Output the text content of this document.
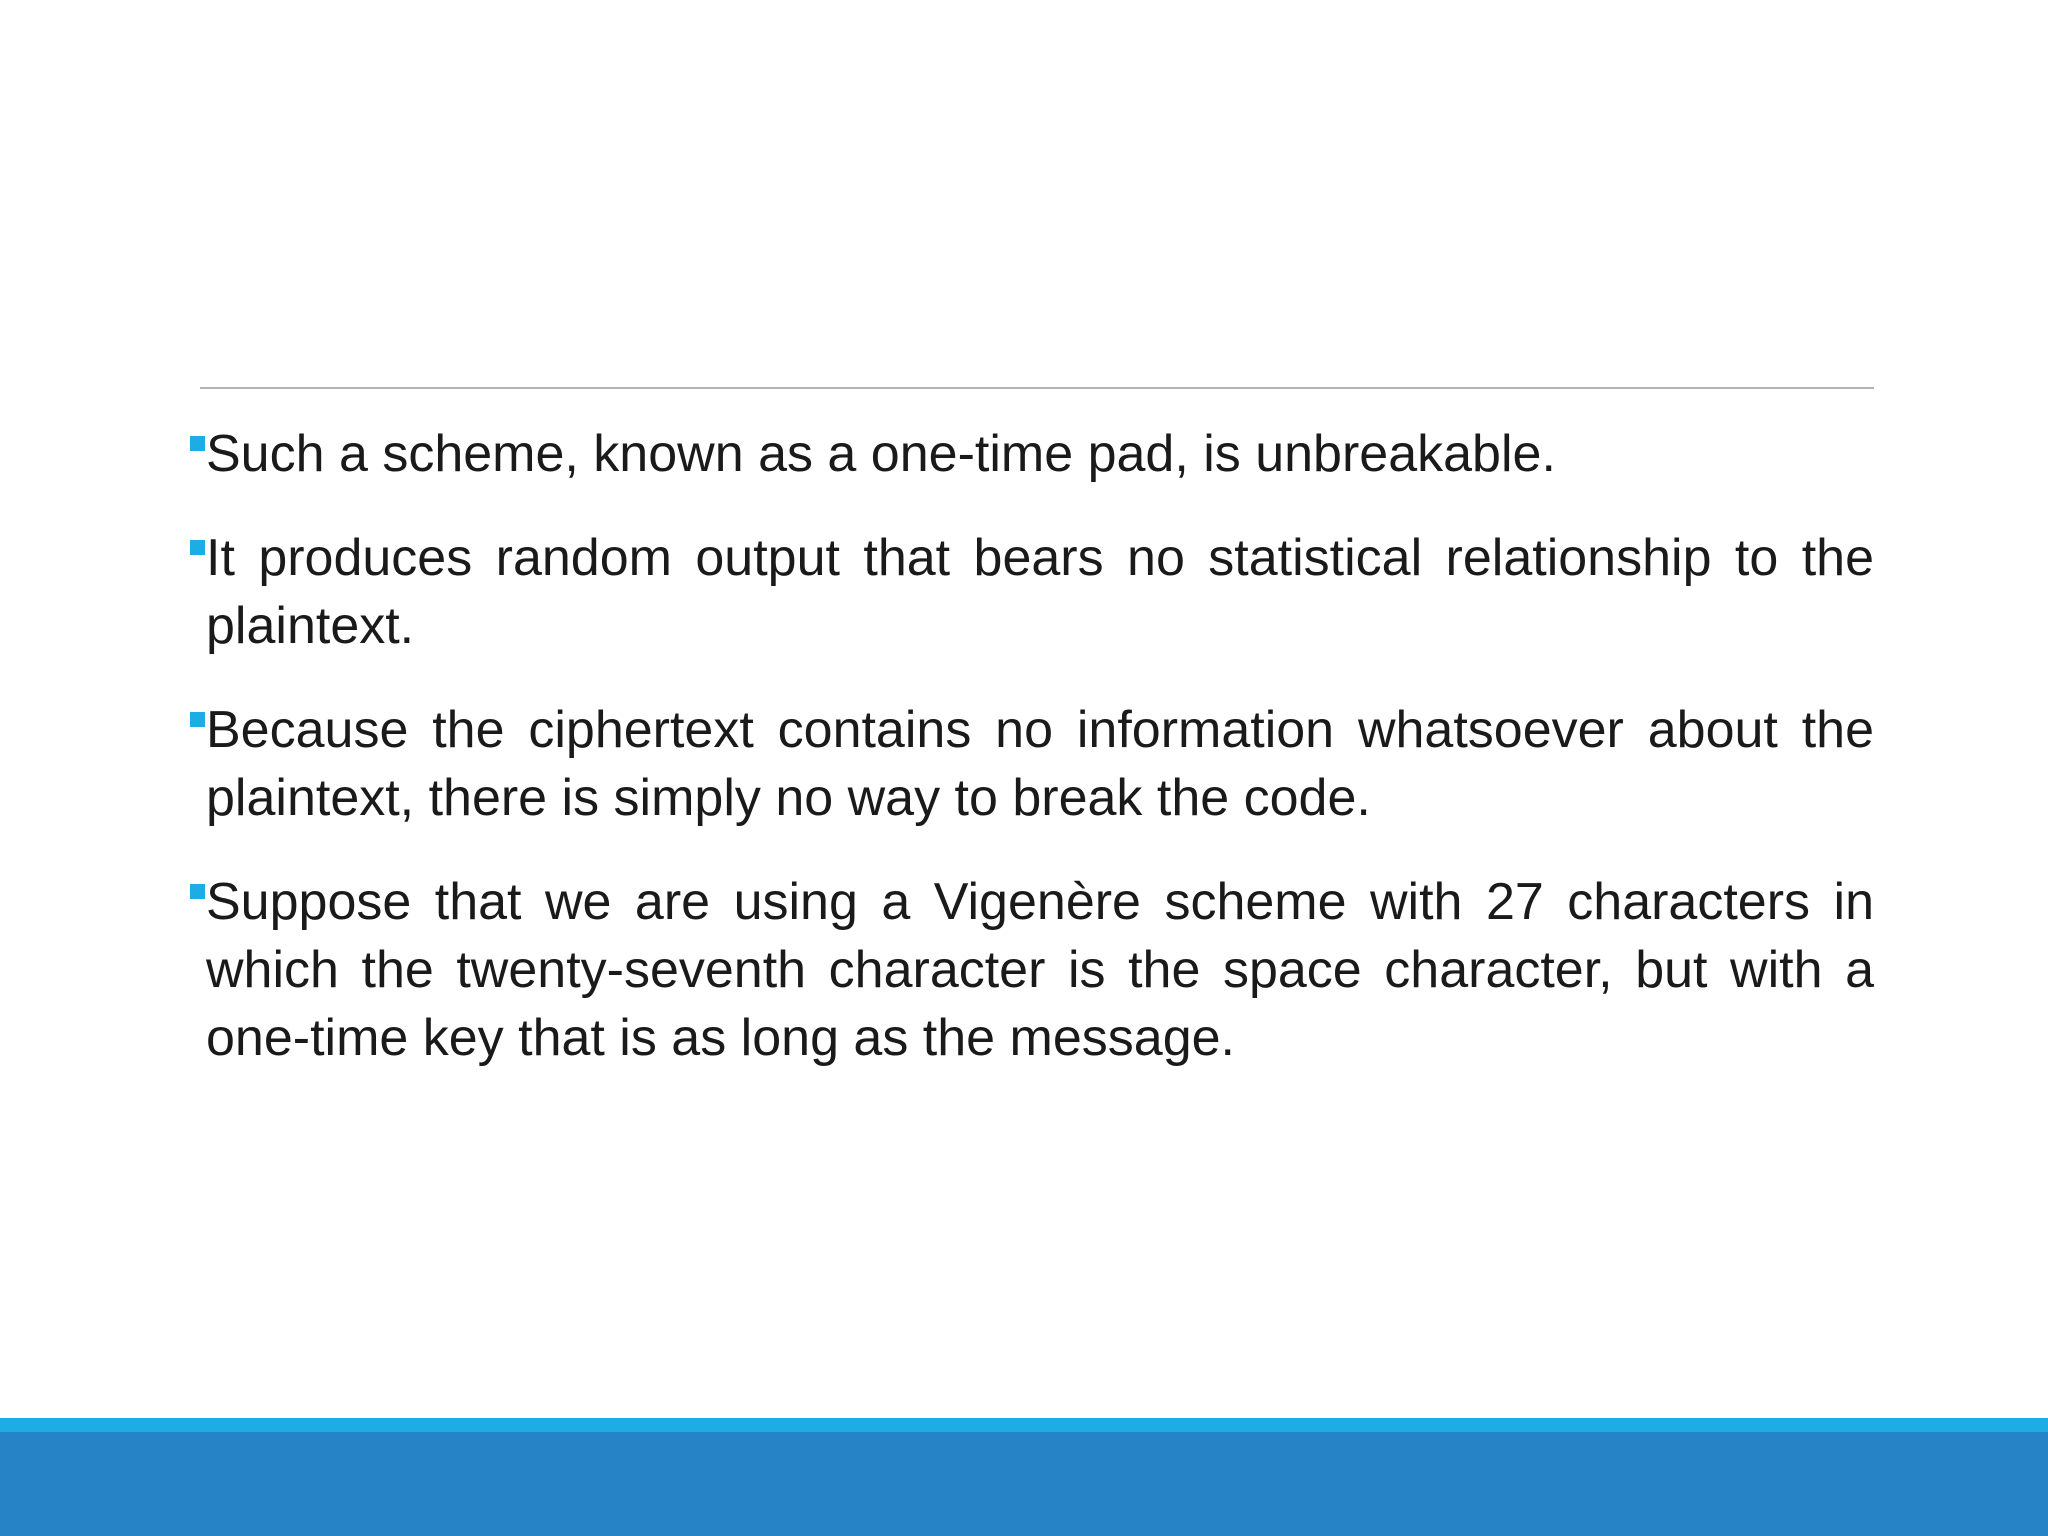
Such a scheme, known as a one-time pad, is unbreakable.
It produces random output that bears no statistical relationship to the plaintext.
Because the ciphertext contains no information whatsoever about the plaintext, there is simply no way to break the code.
Suppose that we are using a Vigenère scheme with 27 characters in which the twenty-seventh character is the space character, but with a one-time key that is as long as the message.
